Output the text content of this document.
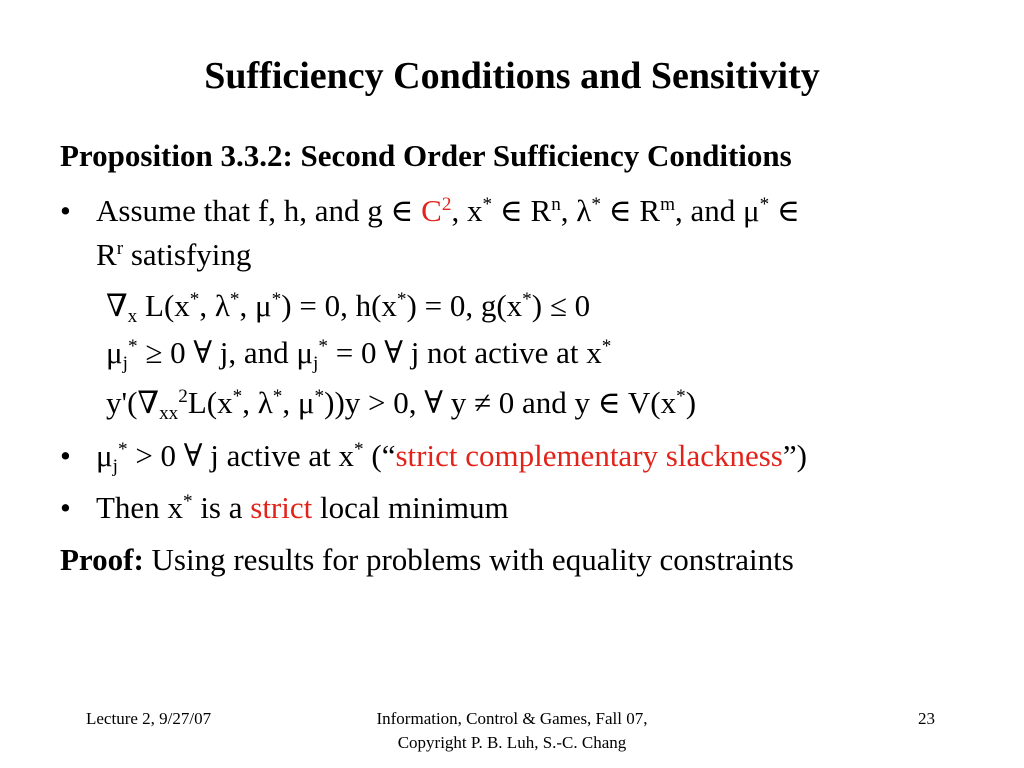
Sufficiency Conditions and Sensitivity
Proposition 3.3.2: Second Order Sufficiency Conditions
• Assume that f, h, and g ∈ $C^2$, x* ∈ $R^n$, λ* ∈ $R^m$, and μ* ∈
$R^r$ satisfying
$\nabla_x$ L(x*, λ*, μ*) = 0, h(x*) = 0, g(x*) ≤ 0
$\mu_j^* \ge 0$ ∀ j, and $\mu_j^* = 0$ ∀ j not active at x*
$y'(\nabla_{xx}^2L(x^*$, λ*, μ*))y > 0, ∀ y ≠ 0 and y ∈ V(x*)
• $\mu_j^* > 0$ ∀ j active at x* (“strict complementary slackness”)
• Then x* is a strict local minimum
Proof: Using results for problems with equality constraints
Lecture 2, 9/27/07	Information, Control & Games, Fall 07,
Copyright P. B. Luh, S.-C. Chang
23
